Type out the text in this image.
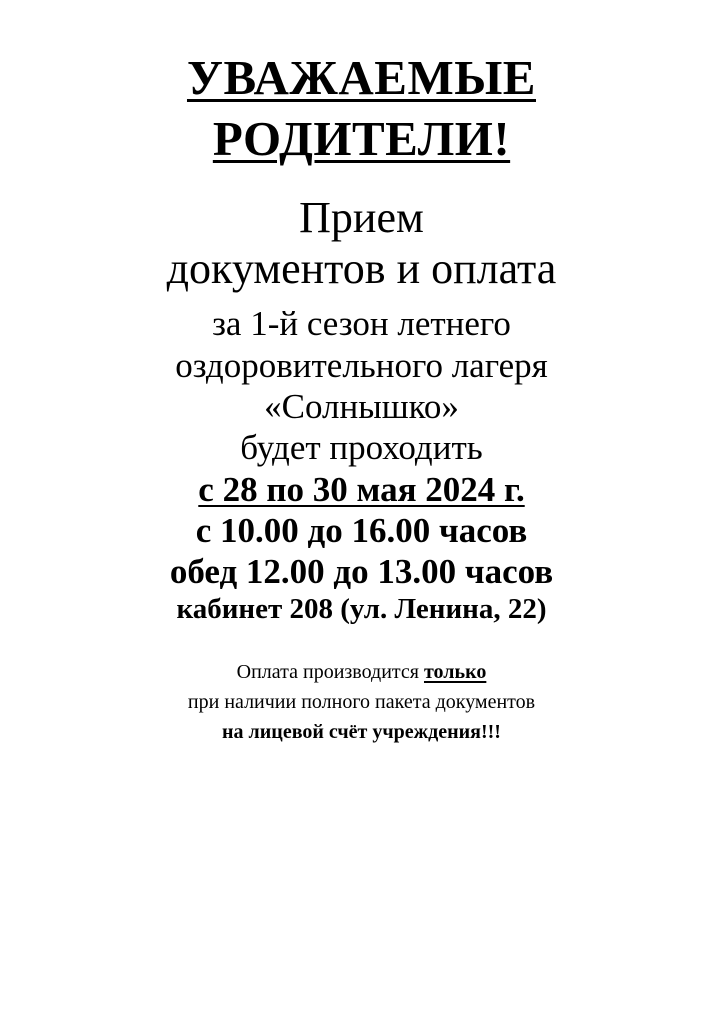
УВАЖАЕМЫЕ
РОДИТЕЛИ!
Прием
документов и оплата
за 1-й сезон летнего
оздоровительного лагеря
«Солнышко»
будет проходить
с 28 по 30 мая 2024 г.
с 10.00 до 16.00 часов
обед 12.00 до 13.00 часов
кабинет 208 (ул. Ленина, 22)
Оплата производится только
при наличии полного пакета документов
на лицевой счёт учреждения!!!
